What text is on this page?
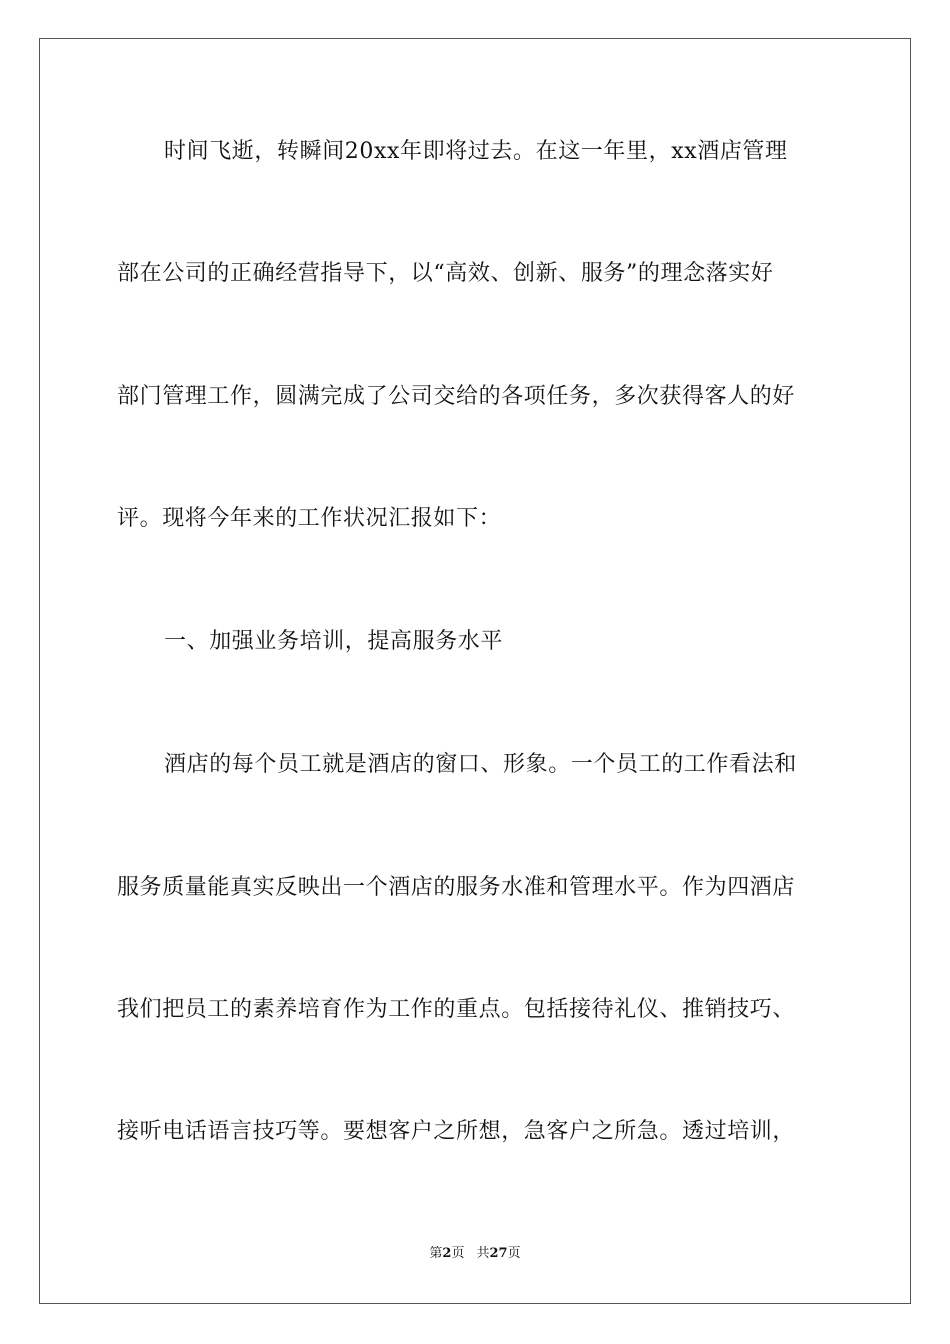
时间飞逝，转瞬间20xx年即将过去。在这一年里，xx酒店管理
部在公司的正确经营指导下，以“高效、创新、服务”的理念落实好
部门管理工作，圆满完成了公司交给的各项任务，多次获得客人的好
评。现将今年来的工作状况汇报如下：
一、加强业务培训，提高服务水平
酒店的每个员工就是酒店的窗口、形象。一个员工的工作看法和
服务质量能真实反映出一个酒店的服务水准和管理水平。作为四酒店
我们把员工的素养培育作为工作的重点。包括接待礼仪、推销技巧、
接听电话语言技巧等。要想客户之所想，急客户之所急。透过培训，
第2页 共27页
